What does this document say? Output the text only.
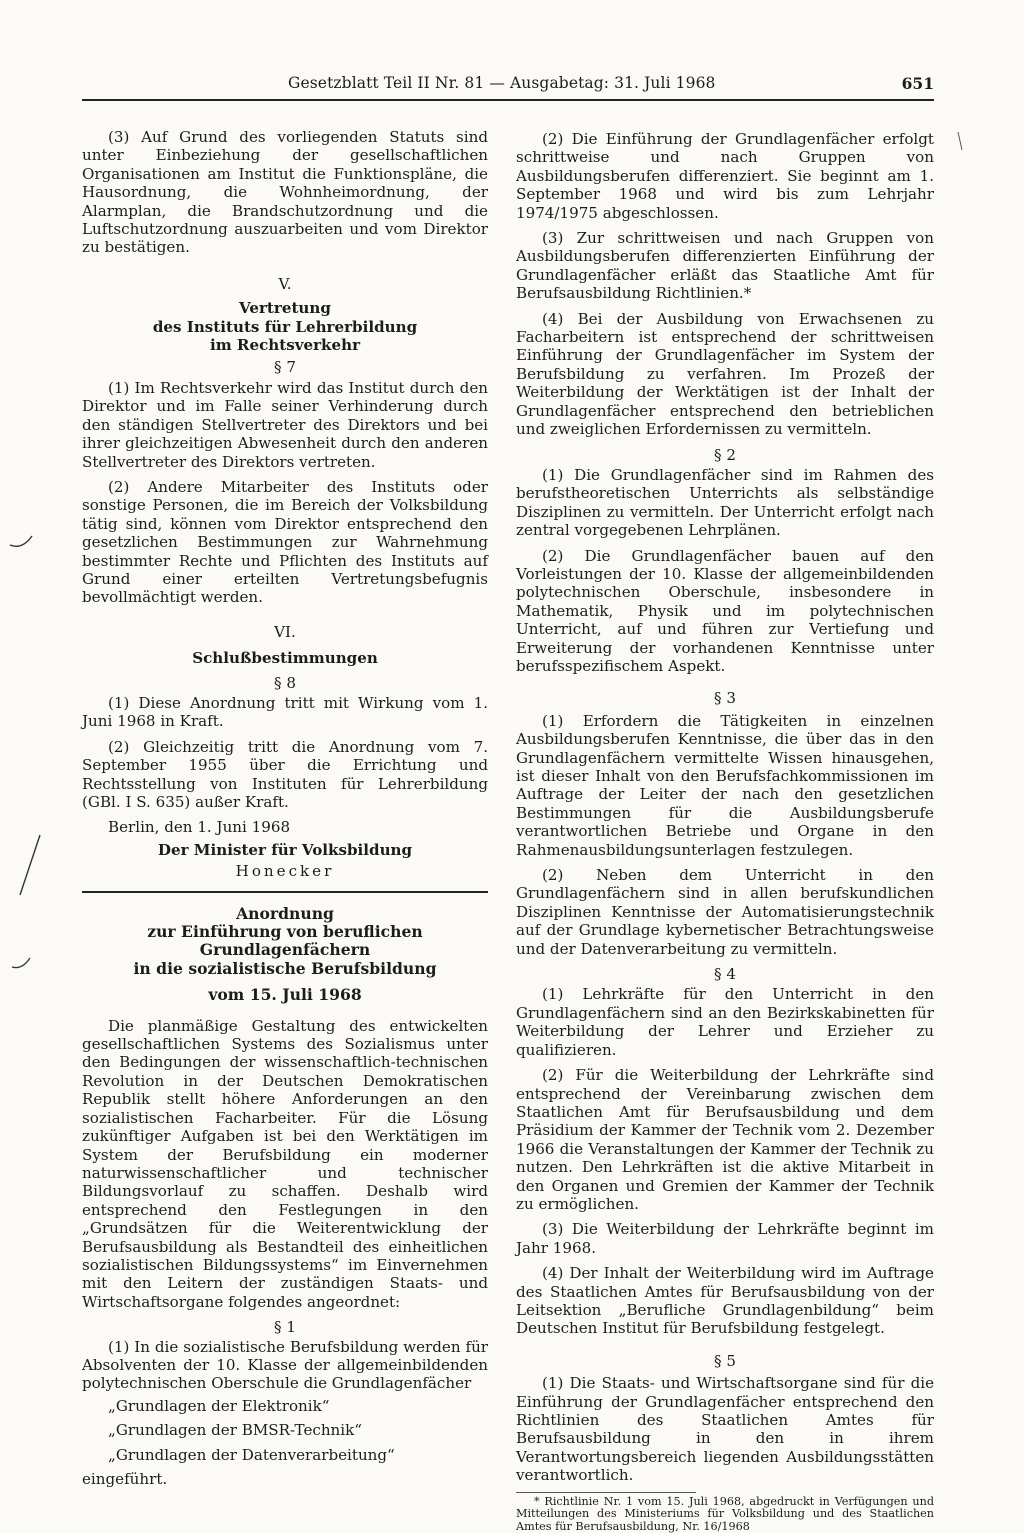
Gesetzblatt Teil II Nr. 81 — Ausgabetag: 31. Juli 1968	651

(3) Auf Grund des vorliegenden Statuts sind unter Einbeziehung der gesellschaftlichen Organisationen am Institut die Funktionspläne, die Hausordnung, die Wohnheimordnung, der Alarmplan, die Brandschutzordnung und die Luftschutzordnung auszuarbeiten und vom Direktor zu bestätigen.

V.
Vertretung
des Instituts für Lehrerbildung
im Rechtsverkehr
§ 7

(1) Im Rechtsverkehr wird das Institut durch den Direktor und im Falle seiner Verhinderung durch den ständigen Stellvertreter des Direktors und bei ihrer gleichzeitigen Abwesenheit durch den anderen Stellvertreter des Direktors vertreten.

(2) Andere Mitarbeiter des Instituts oder sonstige Personen, die im Bereich der Volksbildung tätig sind, können vom Direktor entsprechend den gesetzlichen Bestimmungen zur Wahrnehmung bestimmter Rechte und Pflichten des Instituts auf Grund einer erteilten Vertretungsbefugnis bevollmächtigt werden.

VI.
Schlußbestimmungen
§ 8

(1) Diese Anordnung tritt mit Wirkung vom 1. Juni 1968 in Kraft.

(2) Gleichzeitig tritt die Anordnung vom 7. September 1955 über die Errichtung und Rechtsstellung von Instituten für Lehrerbildung (GBl. I S. 635) außer Kraft.

Berlin, den 1. Juni 1968

Der Minister für Volksbildung
Honecker
Anordnung
zur Einführung von beruflichen Grundlagenfächern
in die sozialistische Berufsbildung
vom 15. Juli 1968

Die planmäßige Gestaltung des entwickelten gesellschaftlichen Systems des Sozialismus unter den Bedingungen der wissenschaftlich-technischen Revolution in der Deutschen Demokratischen Republik stellt höhere Anforderungen an den sozialistischen Facharbeiter. Für die Lösung zukünftiger Aufgaben ist bei den Werktätigen im System der Berufsbildung ein moderner naturwissenschaftlicher und technischer Bildungsvorlauf zu schaffen. Deshalb wird entsprechend den Festlegungen in den „Grundsätzen für die Weiterentwicklung der Berufsausbildung als Bestandteil des einheitlichen sozialistischen Bildungssystems“ im Einvernehmen mit den Leitern der zuständigen Staats- und Wirtschaftsorgane folgendes angeordnet:

§ 1

(1) In die sozialistische Berufsbildung werden für Absolventen der 10. Klasse der allgemeinbildenden polytechnischen Oberschule die Grundlagenfächer

„Grundlagen der Elektronik“
„Grundlagen der BMSR-Technik“
„Grundlagen der Datenverarbeitung“
eingeführt.

(2) Die Einführung der Grundlagenfächer erfolgt schrittweise und nach Gruppen von Ausbildungsberufen differenziert. Sie beginnt am 1. September 1968 und wird bis zum Lehrjahr 1974/1975 abgeschlossen.

(3) Zur schrittweisen und nach Gruppen von Ausbildungsberufen differenzierten Einführung der Grundlagenfächer erläßt das Staatliche Amt für Berufsausbildung Richtlinien.*

(4) Bei der Ausbildung von Erwachsenen zu Facharbeitern ist entsprechend der schrittweisen Einführung der Grundlagenfächer im System der Berufsbildung zu verfahren. Im Prozeß der Weiterbildung der Werktätigen ist der Inhalt der Grundlagenfächer entsprechend den betrieblichen und zweiglichen Erfordernissen zu vermitteln.

§ 2

(1) Die Grundlagenfächer sind im Rahmen des berufstheoretischen Unterrichts als selbständige Disziplinen zu vermitteln. Der Unterricht erfolgt nach zentral vorgegebenen Lehrplänen.

(2) Die Grundlagenfächer bauen auf den Vorleistungen der 10. Klasse der allgemeinbildenden polytechnischen Oberschule, insbesondere in Mathematik, Physik und im polytechnischen Unterricht, auf und führen zur Vertiefung und Erweiterung der vorhandenen Kenntnisse unter berufsspezifischem Aspekt.

§ 3

(1) Erfordern die Tätigkeiten in einzelnen Ausbildungsberufen Kenntnisse, die über das in den Grundlagenfächern vermittelte Wissen hinausgehen, ist dieser Inhalt von den Berufsfachkommissionen im Auftrage der Leiter der nach den gesetzlichen Bestimmungen für die Ausbildungsberufe verantwortlichen Betriebe und Organe in den Rahmenausbildungsunterlagen festzulegen.

(2) Neben dem Unterricht in den Grundlagenfächern sind in allen berufskundlichen Disziplinen Kenntnisse der Automatisierungstechnik auf der Grundlage kybernetischer Betrachtungsweise und der Datenverarbeitung zu vermitteln.

§ 4

(1) Lehrkräfte für den Unterricht in den Grundlagenfächern sind an den Bezirkskabinetten für Weiterbildung der Lehrer und Erzieher zu qualifizieren.

(2) Für die Weiterbildung der Lehrkräfte sind entsprechend der Vereinbarung zwischen dem Staatlichen Amt für Berufsausbildung und dem Präsidium der Kammer der Technik vom 2. Dezember 1966 die Veranstaltungen der Kammer der Technik zu nutzen. Den Lehrkräften ist die aktive Mitarbeit in den Organen und Gremien der Kammer der Technik zu ermöglichen.

(3) Die Weiterbildung der Lehrkräfte beginnt im Jahr 1968.

(4) Der Inhalt der Weiterbildung wird im Auftrage des Staatlichen Amtes für Berufsausbildung von der Leitsektion „Berufliche Grundlagenbildung“ beim Deutschen Institut für Berufsbildung festgelegt.

§ 5

(1) Die Staats- und Wirtschaftsorgane sind für die Einführung der Grundlagenfächer entsprechend den Richtlinien des Staatlichen Amtes für Berufsausbildung in den in ihrem Verantwortungsbereich liegenden Ausbildungsstätten verantwortlich.

* Richtlinie Nr. 1 vom 15. Juli 1968, abgedruckt in Verfügungen und Mitteilungen des Ministeriums für Volksbildung und des Staatlichen Amtes für Berufsausbildung, Nr. 16/1968
